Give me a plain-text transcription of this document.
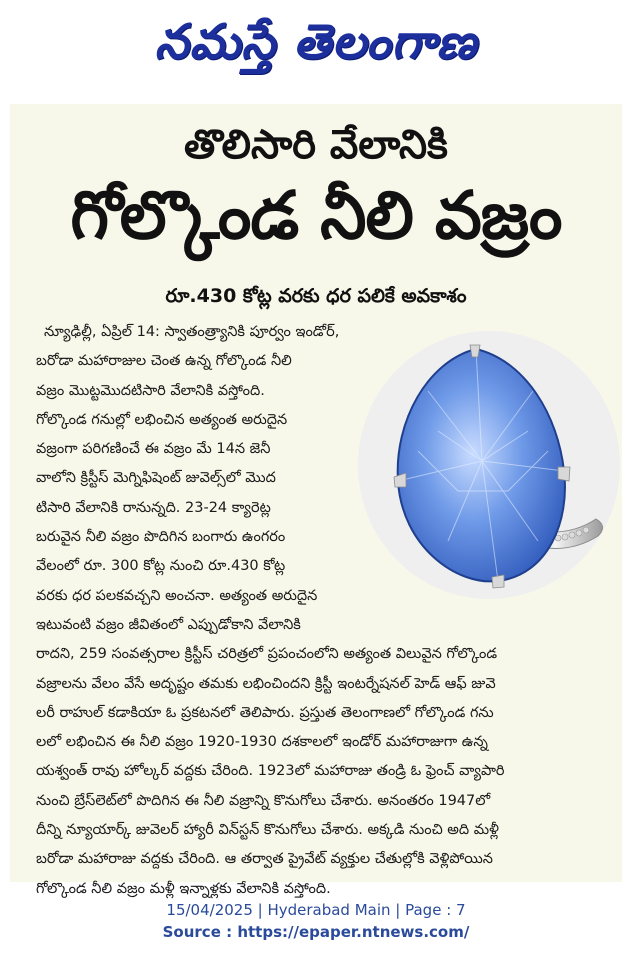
నమస్తే తెలంగాణ
తొలిసారి వేలానికి
గోల్కొండ నీలి వజ్రం
రూ.430 కోట్ల వరకు ధర పలికే అవకాశం
న్యూఢిల్లీ, ఏప్రిల్ 14: స్వాతంత్ర్యానికి పూర్వం ఇండోర్,
బరోడా మహారాజుల చెంత ఉన్న గోల్కొండ నీలి
వజ్రం మొట్టమొదటిసారి వేలానికి వస్తోంది.
గోల్కొండ గనుల్లో లభించిన అత్యంత అరుదైన
వజ్రంగా పరిగణించే ఈ వజ్రం మే 14న జెనీ
వాలోని క్రిస్టీస్ మెగ్నిఫిషెంట్ జువెల్స్‌లో మొద
టిసారి వేలానికి రానున్నది. 23-24 క్యారెట్ల
బరువైన నీలి వజ్రం పొదిగిన బంగారు ఉంగరం
వేలంలో రూ. 300 కోట్ల నుంచి రూ.430 కోట్ల
వరకు ధర పలకవచ్చని అంచనా. అత్యంత అరుదైన
ఇటువంటి వజ్రం జీవితంలో ఎప్పుడోకాని వేలానికి
రాదని, 259 సంవత్సరాల క్రిస్టీస్ చరిత్రలో ప్రపంచంలోని అత్యంత విలువైన గోల్కొండ
వజ్రాలను వేలం వేసే అదృష్టం తమకు లభించిందని క్రిస్టీ ఇంటర్నేషనల్ హెడ్ ఆఫ్ జువె
లరీ రాహుల్ కడాకియా ఓ ప్రకటనలో తెలిపారు. ప్రస్తుత తెలంగాణలో గోల్కొండ గను
లలో లభించిన ఈ నీలి వజ్రం 1920-1930 దశకాలలో ఇండోర్ మహారాజుగా ఉన్న
యశ్వంత్ రావు హోల్కర్ వద్దకు చేరింది. 1923లో మహారాజు తండ్రి ఓ ఫ్రెంచ్ వ్యాపారి
నుంచి బ్రేస్‌లెట్‌లో పొదిగిన ఈ నీలి వజ్రాన్ని కొనుగోలు చేశారు. అనంతరం 1947లో
దీన్ని న్యూయార్క్ జువెలర్ హ్యారీ విన్‌స్టన్ కొనుగోలు చేశారు. అక్కడి నుంచి అది మళ్లీ
బరోడా మహారాజు వద్దకు చేరింది. ఆ తర్వాత ప్రైవేట్ వ్యక్తుల చేతుల్లోకి వెళ్లిపోయిన
గోల్కొండ నీలి వజ్రం మళ్లీ ఇన్నాళ్లకు వేలానికి వస్తోంది.
15/04/2025 | Hyderabad Main | Page : 7
Source : https://epaper.ntnews.com/
